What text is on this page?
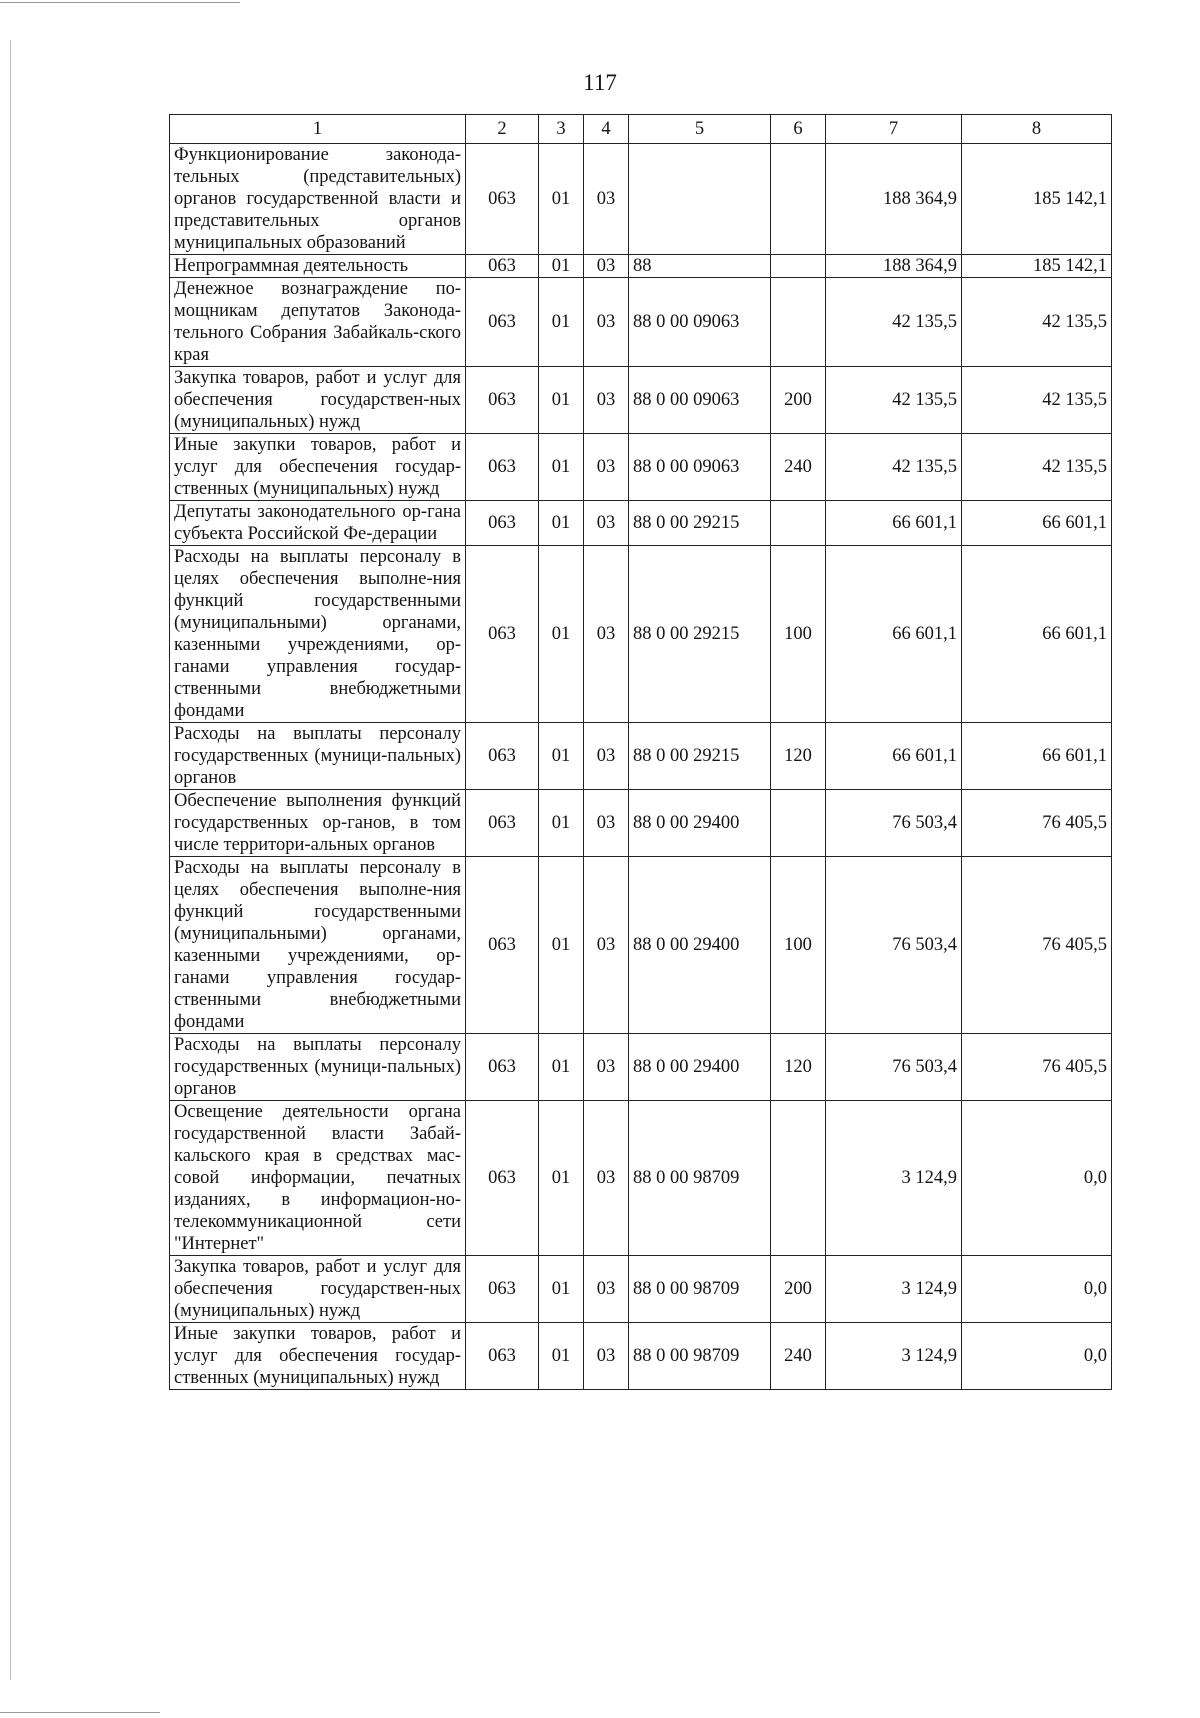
117
1	2	3	4	5	6	7	8
Функционирование законода-тельных (представительных) органов государственной власти и представительных органов муниципальных образований	063	01	03			188 364,9	185 142,1
Непрограммная деятельность	063	01	03	88		188 364,9	185 142,1
Денежное вознаграждение по-мощникам депутатов Законода-тельного Собрания Забайкаль-ского края	063	01	03	88 0 00 09063		42 135,5	42 135,5
Закупка товаров, работ и услуг для обеспечения государствен-ных (муниципальных) нужд	063	01	03	88 0 00 09063	200	42 135,5	42 135,5
Иные закупки товаров, работ и услуг для обеспечения государ-ственных (муниципальных) нужд	063	01	03	88 0 00 09063	240	42 135,5	42 135,5
Депутаты законодательного ор-гана субъекта Российской Фе-дерации	063	01	03	88 0 00 29215		66 601,1	66 601,1
Расходы на выплаты персоналу в целях обеспечения выполне-ния функций государственными (муниципальными) органами, казенными учреждениями, ор-ганами управления государ-ственными внебюджетными фондами	063	01	03	88 0 00 29215	100	66 601,1	66 601,1
Расходы на выплаты персоналу государственных (муници-пальных) органов	063	01	03	88 0 00 29215	120	66 601,1	66 601,1
Обеспечение выполнения функций государственных ор-ганов, в том числе территори-альных органов	063	01	03	88 0 00 29400		76 503,4	76 405,5
Расходы на выплаты персоналу в целях обеспечения выполне-ния функций государственными (муниципальными) органами, казенными учреждениями, ор-ганами управления государ-ственными внебюджетными фондами	063	01	03	88 0 00 29400	100	76 503,4	76 405,5
Расходы на выплаты персоналу государственных (муници-пальных) органов	063	01	03	88 0 00 29400	120	76 503,4	76 405,5
Освещение деятельности органа государственной власти Забай-кальского края в средствах мас-совой информации, печатных изданиях, в информацион-но-телекоммуникационной сети "Интернет"	063	01	03	88 0 00 98709		3 124,9	0,0
Закупка товаров, работ и услуг для обеспечения государствен-ных (муниципальных) нужд	063	01	03	88 0 00 98709	200	3 124,9	0,0
Иные закупки товаров, работ и услуг для обеспечения государ-ственных (муниципальных) нужд	063	01	03	88 0 00 98709	240	3 124,9	0,0
